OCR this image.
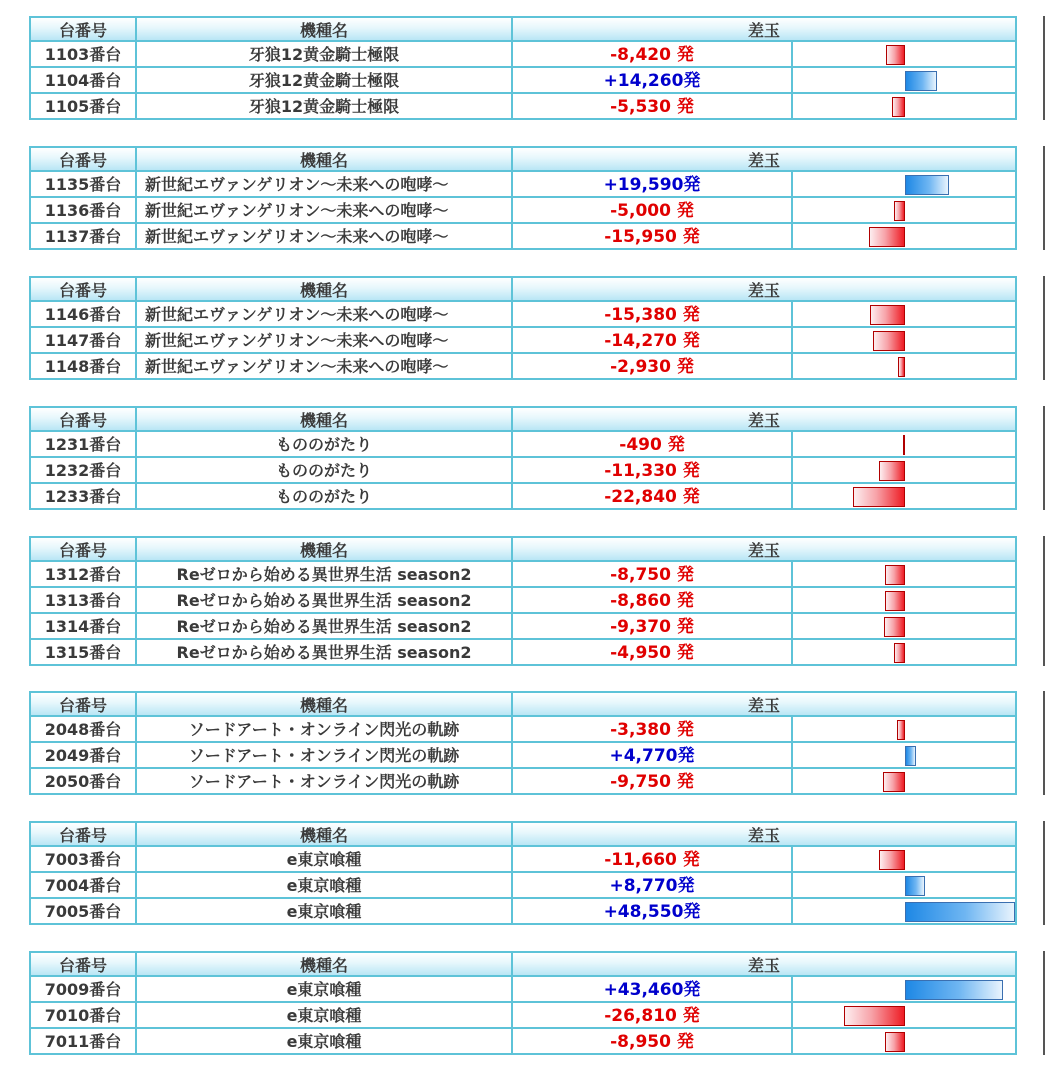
台番号	機種名	差玉
1103番台	牙狼12黄金騎士極限	-8,420 発
1104番台	牙狼12黄金騎士極限	+14,260発
1105番台	牙狼12黄金騎士極限	-5,530 発
台番号	機種名	差玉
1135番台	新世紀エヴァンゲリオン～未来への咆哮～	+19,590発
1136番台	新世紀エヴァンゲリオン～未来への咆哮～	-5,000 発
1137番台	新世紀エヴァンゲリオン～未来への咆哮～	-15,950 発
台番号	機種名	差玉
1146番台	新世紀エヴァンゲリオン～未来への咆哮～	-15,380 発
1147番台	新世紀エヴァンゲリオン～未来への咆哮～	-14,270 発
1148番台	新世紀エヴァンゲリオン～未来への咆哮～	-2,930 発
台番号	機種名	差玉
1231番台	もののがたり	-490 発
1232番台	もののがたり	-11,330 発
1233番台	もののがたり	-22,840 発
台番号	機種名	差玉
1312番台	Reゼロから始める異世界生活 season2	-8,750 発
1313番台	Reゼロから始める異世界生活 season2	-8,860 発
1314番台	Reゼロから始める異世界生活 season2	-9,370 発
1315番台	Reゼロから始める異世界生活 season2	-4,950 発
台番号	機種名	差玉
2048番台	ソードアート・オンライン閃光の軌跡	-3,380 発
2049番台	ソードアート・オンライン閃光の軌跡	+4,770発
2050番台	ソードアート・オンライン閃光の軌跡	-9,750 発
台番号	機種名	差玉
7003番台	e東京喰種	-11,660 発
7004番台	e東京喰種	+8,770発
7005番台	e東京喰種	+48,550発
台番号	機種名	差玉
7009番台	e東京喰種	+43,460発
7010番台	e東京喰種	-26,810 発
7011番台	e東京喰種	-8,950 発
